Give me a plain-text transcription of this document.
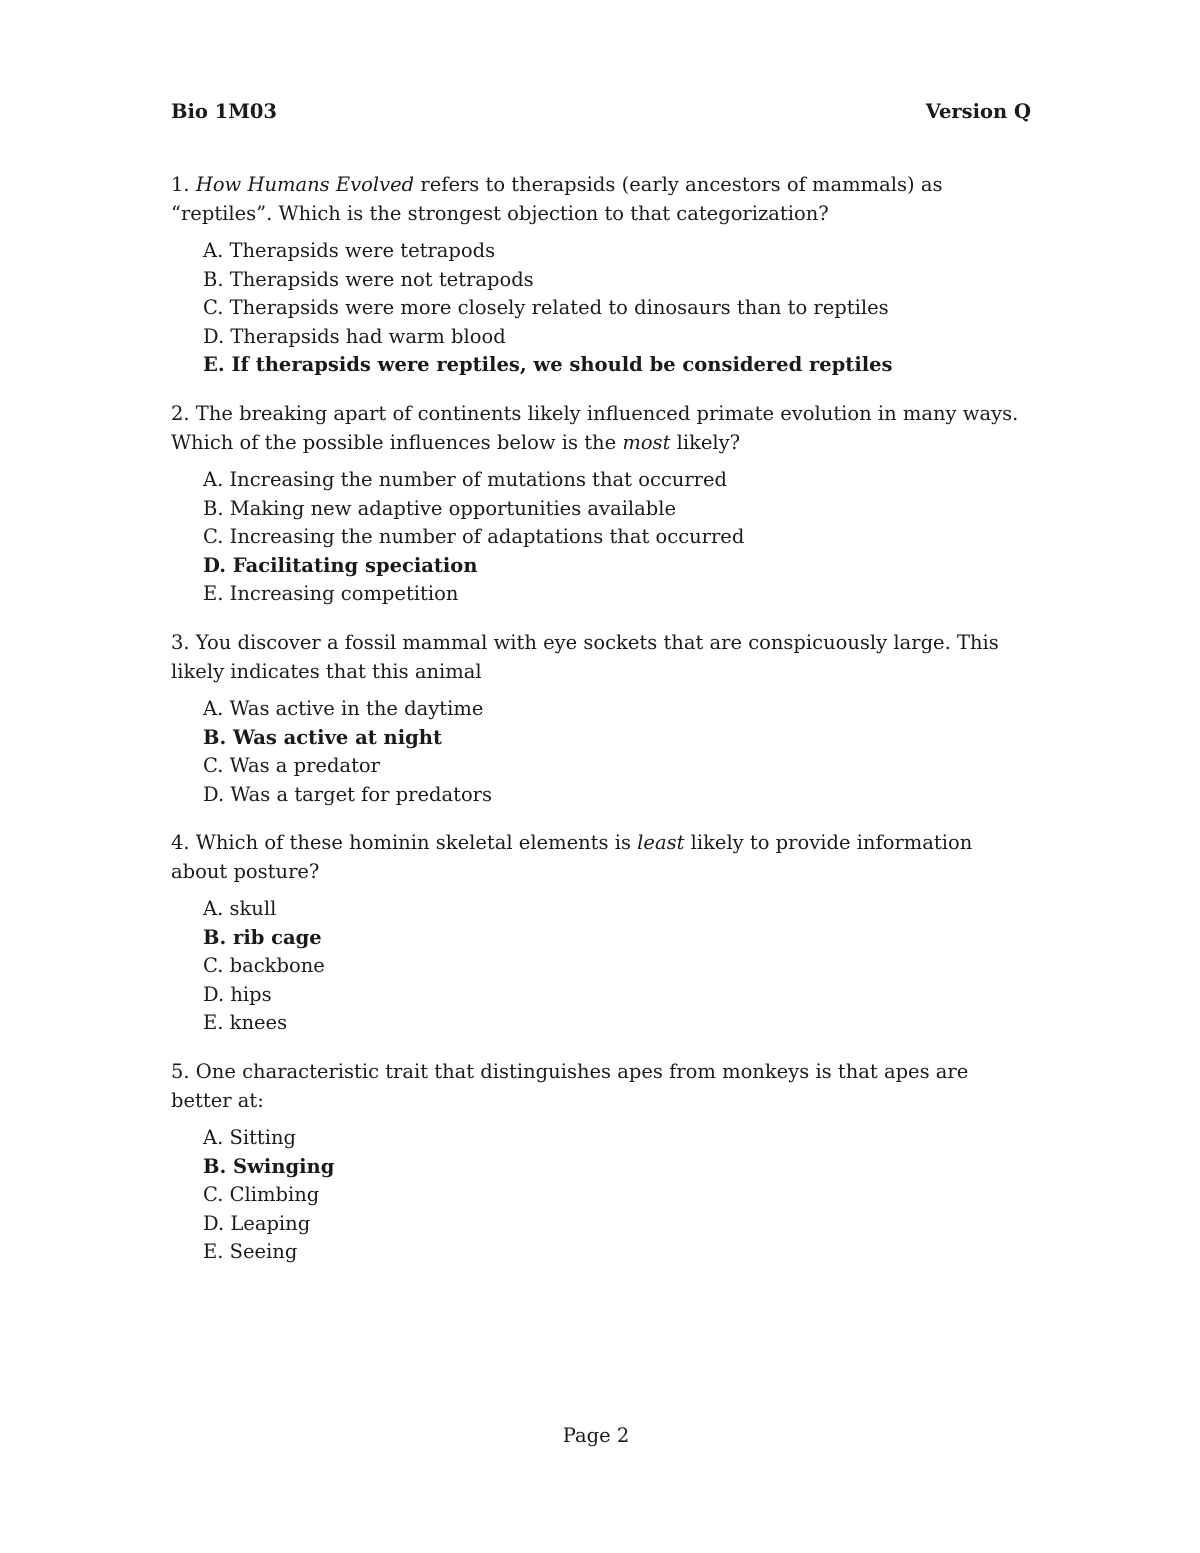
Bio 1M03	Version Q

1. How Humans Evolved refers to therapsids (early ancestors of mammals) as “reptiles”. Which is the strongest objection to that categorization?

A. Therapsids were tetrapods
B. Therapsids were not tetrapods
C. Therapsids were more closely related to dinosaurs than to reptiles
D. Therapsids had warm blood
E. If therapsids were reptiles, we should be considered reptiles

2. The breaking apart of continents likely influenced primate evolution in many ways. Which of the possible influences below is the most likely?

A. Increasing the number of mutations that occurred
B. Making new adaptive opportunities available
C. Increasing the number of adaptations that occurred
D. Facilitating speciation
E. Increasing competition

3. You discover a fossil mammal with eye sockets that are conspicuously large. This likely indicates that this animal

A. Was active in the daytime
B. Was active at night
C. Was a predator
D. Was a target for predators

4. Which of these hominin skeletal elements is least likely to provide information about posture?

A. skull
B. rib cage
C. backbone
D. hips
E. knees

5. One characteristic trait that distinguishes apes from monkeys is that apes are better at:

A. Sitting
B. Swinging
C. Climbing
D. Leaping
E. Seeing
Page 2
